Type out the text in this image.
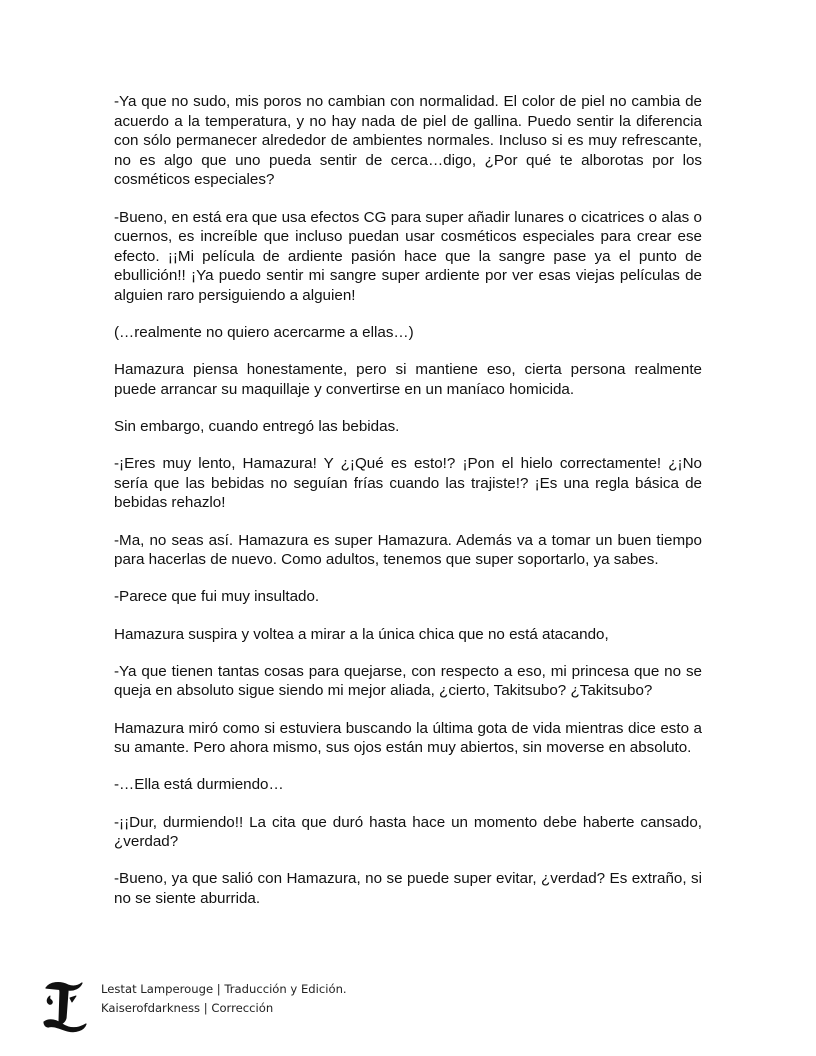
-Ya que no sudo, mis poros no cambian con normalidad. El color de piel no cambia de acuerdo a la temperatura, y no hay nada de piel de gallina. Puedo sentir la diferencia con sólo permanecer alrededor de ambientes normales. Incluso si es muy refrescante, no es algo que uno pueda sentir de cerca…digo, ¿Por qué te alborotas por los cosméticos especiales?

-Bueno, en está era que usa efectos CG para super añadir lunares o cicatrices o alas o cuernos, es increíble que incluso puedan usar cosméticos especiales para crear ese efecto. ¡¡Mi película de ardiente pasión hace que la sangre pase ya el punto de ebullición!! ¡Ya puedo sentir mi sangre super ardiente por ver esas viejas películas de alguien raro persiguiendo a alguien!

(…realmente no quiero acercarme a ellas…)

Hamazura piensa honestamente, pero si mantiene eso, cierta persona realmente puede arrancar su maquillaje y convertirse en un maníaco homicida.

Sin embargo, cuando entregó las bebidas.

-¡Eres muy lento, Hamazura! Y ¿¡Qué es esto!? ¡Pon el hielo correctamente! ¿¡No sería que las bebidas no seguían frías cuando las trajiste!? ¡Es una regla básica de bebidas rehazlo!

-Ma, no seas así. Hamazura es super Hamazura. Además va a tomar un buen tiempo para hacerlas de nuevo. Como adultos, tenemos que super soportarlo, ya sabes.

-Parece que fui muy insultado.

Hamazura suspira y voltea a mirar a la única chica que no está atacando,

-Ya que tienen tantas cosas para quejarse, con respecto a eso, mi princesa que no se queja en absoluto sigue siendo mi mejor aliada, ¿cierto, Takitsubo? ¿Takitsubo?

Hamazura miró como si estuviera buscando la última gota de vida mientras dice esto a su amante. Pero ahora mismo, sus ojos están muy abiertos, sin moverse en absoluto.

-…Ella está durmiendo…

-¡¡Dur, durmiendo!! La cita que duró hasta hace un momento debe haberte cansado, ¿verdad?

-Bueno, ya que salió con Hamazura, no se puede super evitar, ¿verdad? Es extraño, si no se siente aburrida.

Lestat Lamperouge | Traducción y Edición.
Kaiserofdarkness | Corrección
